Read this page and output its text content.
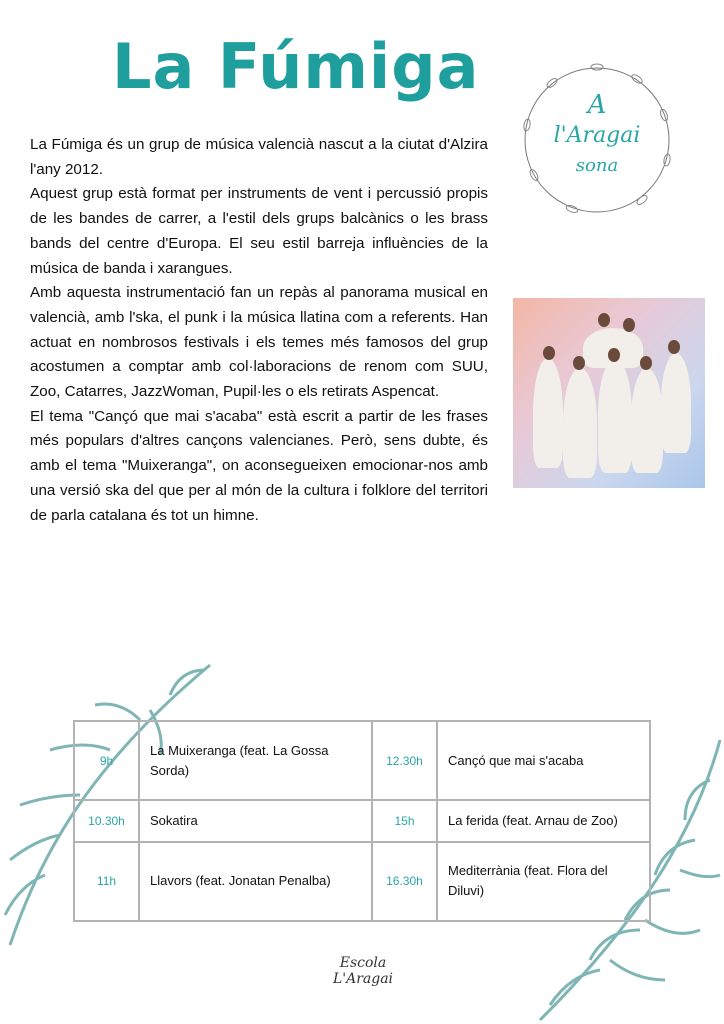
La Fúmiga
A
l'Aragai
sona

La Fúmiga és un grup de música valencià nascut a la ciutat d'Alzira l'any 2012.

Aquest grup està format per instruments de vent i percussió propis de les bandes de carrer, a l'estil dels grups balcànics o les brass bands del centre d'Europa. El seu estil barreja influències de la música de banda i xarangues.

Amb aquesta instrumentació fan un repàs al panorama musical en valencià, amb l'ska, el punk i la música llatina com a referents. Han actuat en nombrosos festivals i els temes més famosos del grup acostumen a comptar amb col·laboracions de renom com SUU, Zoo, Catarres, JazzWoman, Pupil·les o els retirats Aspencat.

El tema "Cançó que mai s'acaba" està escrit a partir de les frases més populars d'altres cançons valencianes. Però, sens dubte, és amb el tema "Muixeranga", on aconsegueixen emocionar-nos amb una versió ska del que per al món de la cultura i folklore del territori de parla catalana és tot un himne.

9h	La Muixeranga (feat. La Gossa Sorda)	12.30h	Cançó que mai s'acaba
10.30h	Sokatira	15h	La ferida (feat. Arnau de Zoo)
11h	Llavors (feat. Jonatan Penalba)	16.30h	Mediterrània (feat. Flora del Diluvi)
Escola
L'Aragai
